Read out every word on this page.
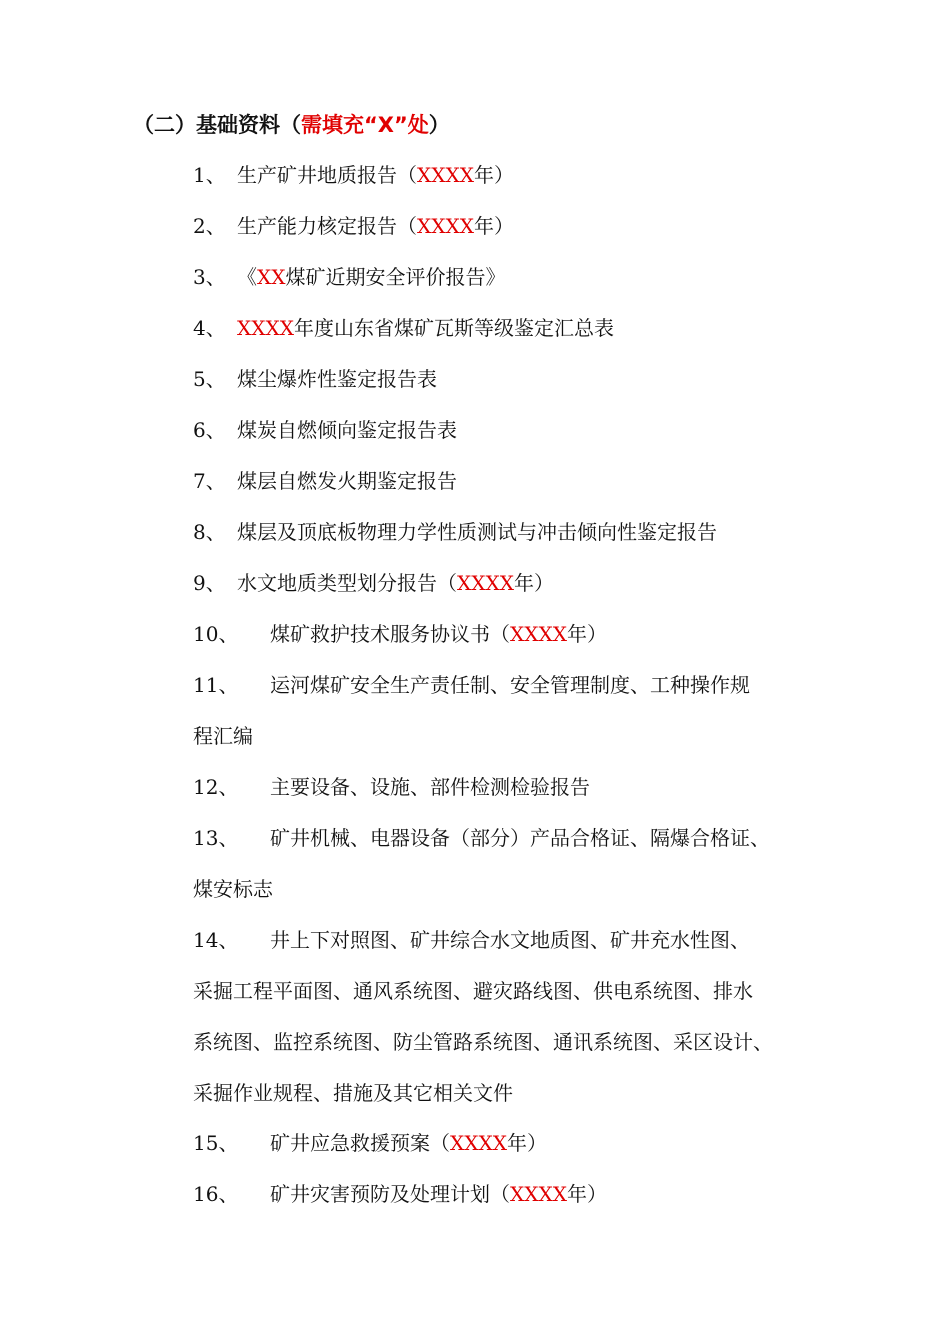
（二）基础资料（需填充“X”处）
1、 生产矿井地质报告（XXXX年）
2、 生产能力核定报告（XXXX年）
3、 《XX煤矿近期安全评价报告》
4、 XXXX年度山东省煤矿瓦斯等级鉴定汇总表
5、 煤尘爆炸性鉴定报告表
6、 煤炭自燃倾向鉴定报告表
7、 煤层自燃发火期鉴定报告
8、 煤层及顶底板物理力学性质测试与冲击倾向性鉴定报告
9、 水文地质类型划分报告（XXXX年）
10、 煤矿救护技术服务协议书（XXXX年）
11、 运河煤矿安全生产责任制、安全管理制度、工种操作规
程汇编
12、 主要设备、设施、部件检测检验报告
13、 矿井机械、电器设备（部分）产品合格证、隔爆合格证、
煤安标志
14、 井上下对照图、矿井综合水文地质图、矿井充水性图、
采掘工程平面图、通风系统图、避灾路线图、供电系统图、排水
系统图、监控系统图、防尘管路系统图、通讯系统图、采区设计、
采掘作业规程、措施及其它相关文件
15、 矿井应急救援预案（XXXX年）
16、 矿井灾害预防及处理计划（XXXX年）
